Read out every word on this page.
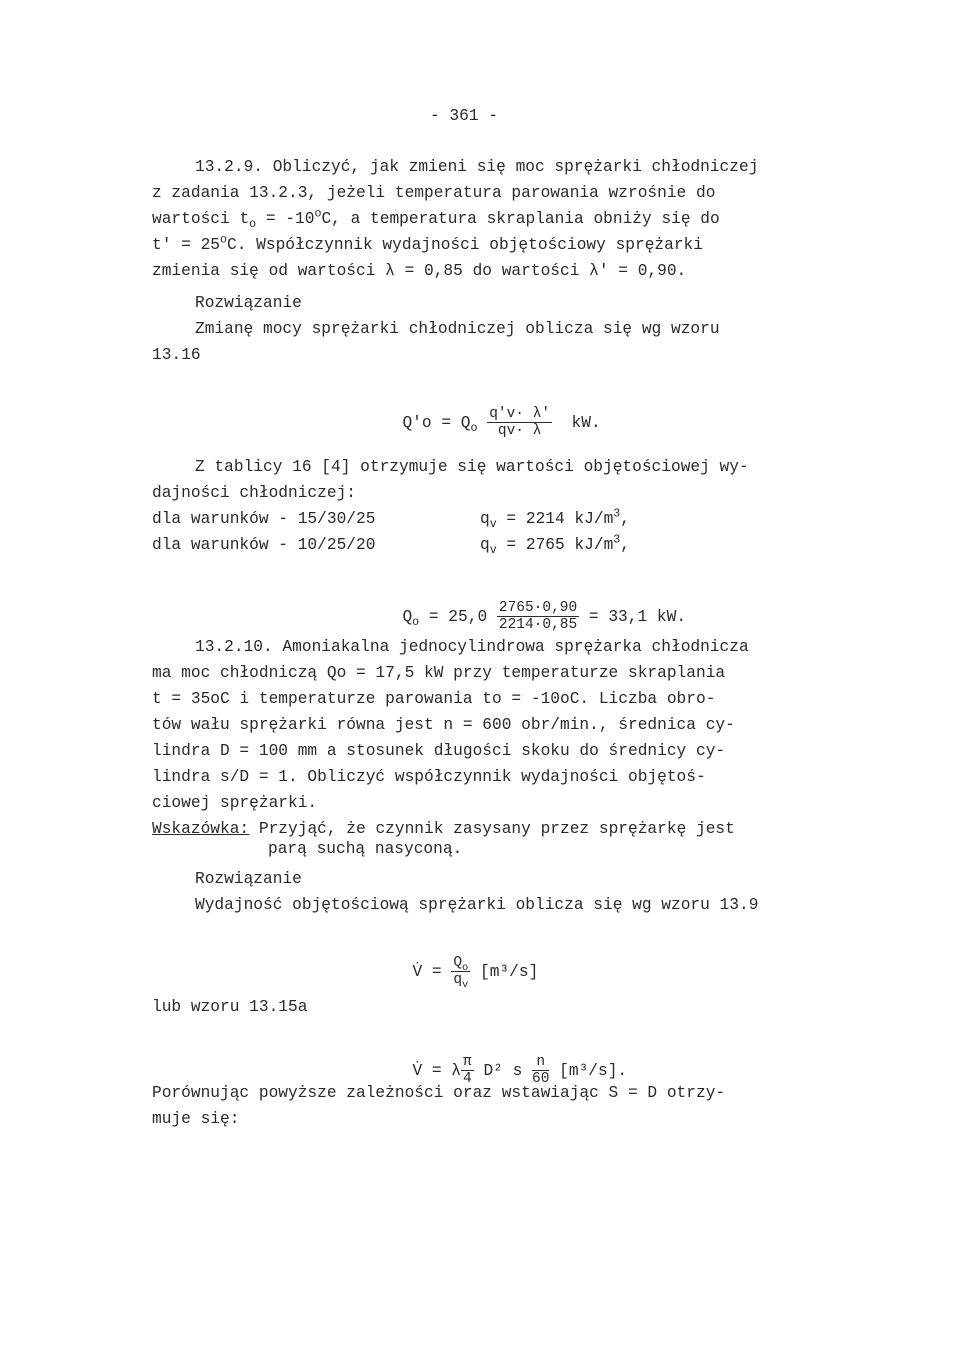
- 361 -
13.2.9. Obliczyć, jak zmieni się moc sprężarki chłodniczej
z zadania 13.2.3, jeżeli temperatura parowania wzrośnie do
wartości $t_o = -10^oC$, a temperatura skraplania obniży się do
$t' = 25^oC$. Współczynnik wydajności objętościowy sprężarki
zmienia się od wartości λ = 0,85 do wartości λ' = 0,90.
Rozwiązanie
Zmianę mocy sprężarki chłodniczej oblicza się wg wzoru
13.16

$Q'o = Q_o \frac{q'v\cdot \lambda'}{qv\cdot \lambda}$ kW.

Z tablicy 16 [4] otrzymuje się wartości objętościowej wy-
dajności chłodniczej:
dla warunków - 15/30/25	$q_v = 2214$ $kJ/m^3$,
dla warunków - 10/25/20	$q_v = 2765$ $kJ/m^3$,

$Q_o = 25,0 \frac{2765\cdot 0,90}{2214\cdot 0,85} = 33,1$ kW.

13.2.10. Amoniakalna jednocylindrowa sprężarka chłodnicza
ma moc chłodniczą Qo = 17,5 kW przy temperaturze skraplania
t = 35oC i temperaturze parowania to = -10oC. Liczba obro-
tów wału sprężarki równa jest n = 600 obr/min., średnica cy-
lindra D = 100 mm a stosunek długości skoku do średnicy cy-
lindra s/D = 1. Obliczyć współczynnik wydajności objętoś-
ciowej sprężarki.
Wskazówka: Przyjąć, że czynnik zasysany przez sprężarkę jest
parą suchą nasyconą.
Rozwiązanie
Wydajność objętościową sprężarki oblicza się wg wzoru 13.9

V̇ = $\frac{Q_o}{q_v} [m^3/s]$

lub wzoru 13.15a

V̇ = λ $\frac{\pi}{4} D^2$ s $\frac{n}{60} [m^3/s]$.

Porównując powyższe zależności oraz wstawiając S = D otrzy-
muje się:
